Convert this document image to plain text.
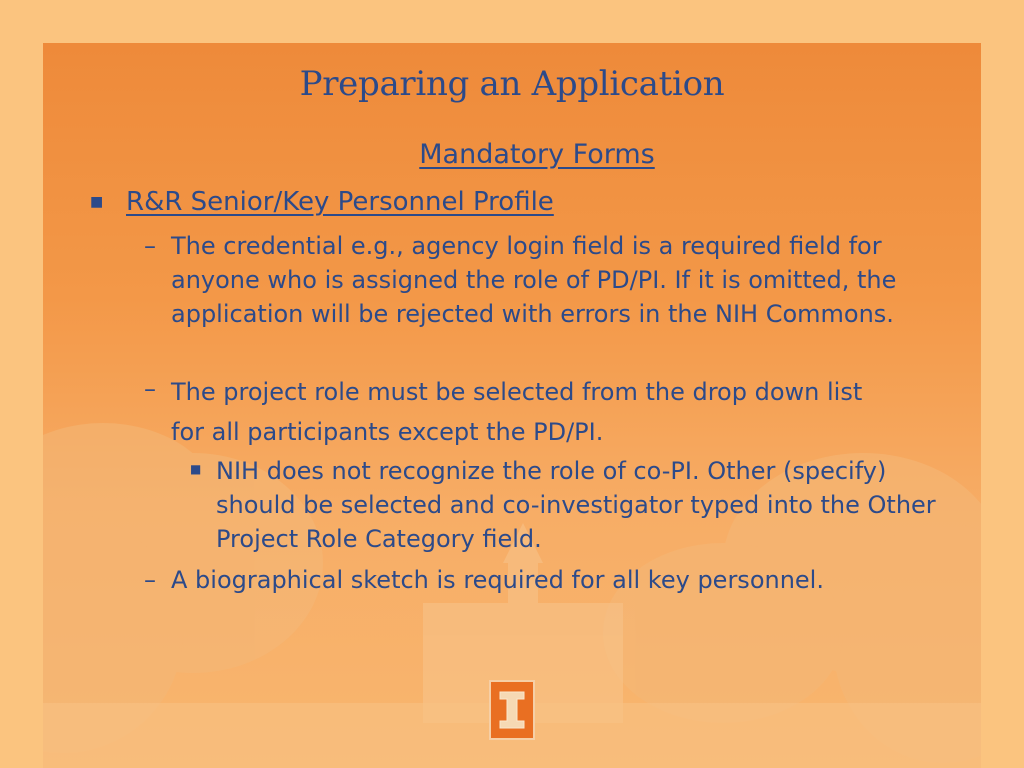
Preparing an Application
Mandatory Forms
■ R&R Senior/Key Personnel Profile
– The credential e.g., agency login field is a required field for anyone who is assigned the role of PD/PI. If it is omitted, the application will be rejected with errors in the NIH Commons.
– The project role must be selected from the drop down list for all participants except the PD/PI.
■ NIH does not recognize the role of co-PI. Other (specify) should be selected and co-investigator typed into the Other Project Role Category field.
– A biographical sketch is required for all key personnel.
